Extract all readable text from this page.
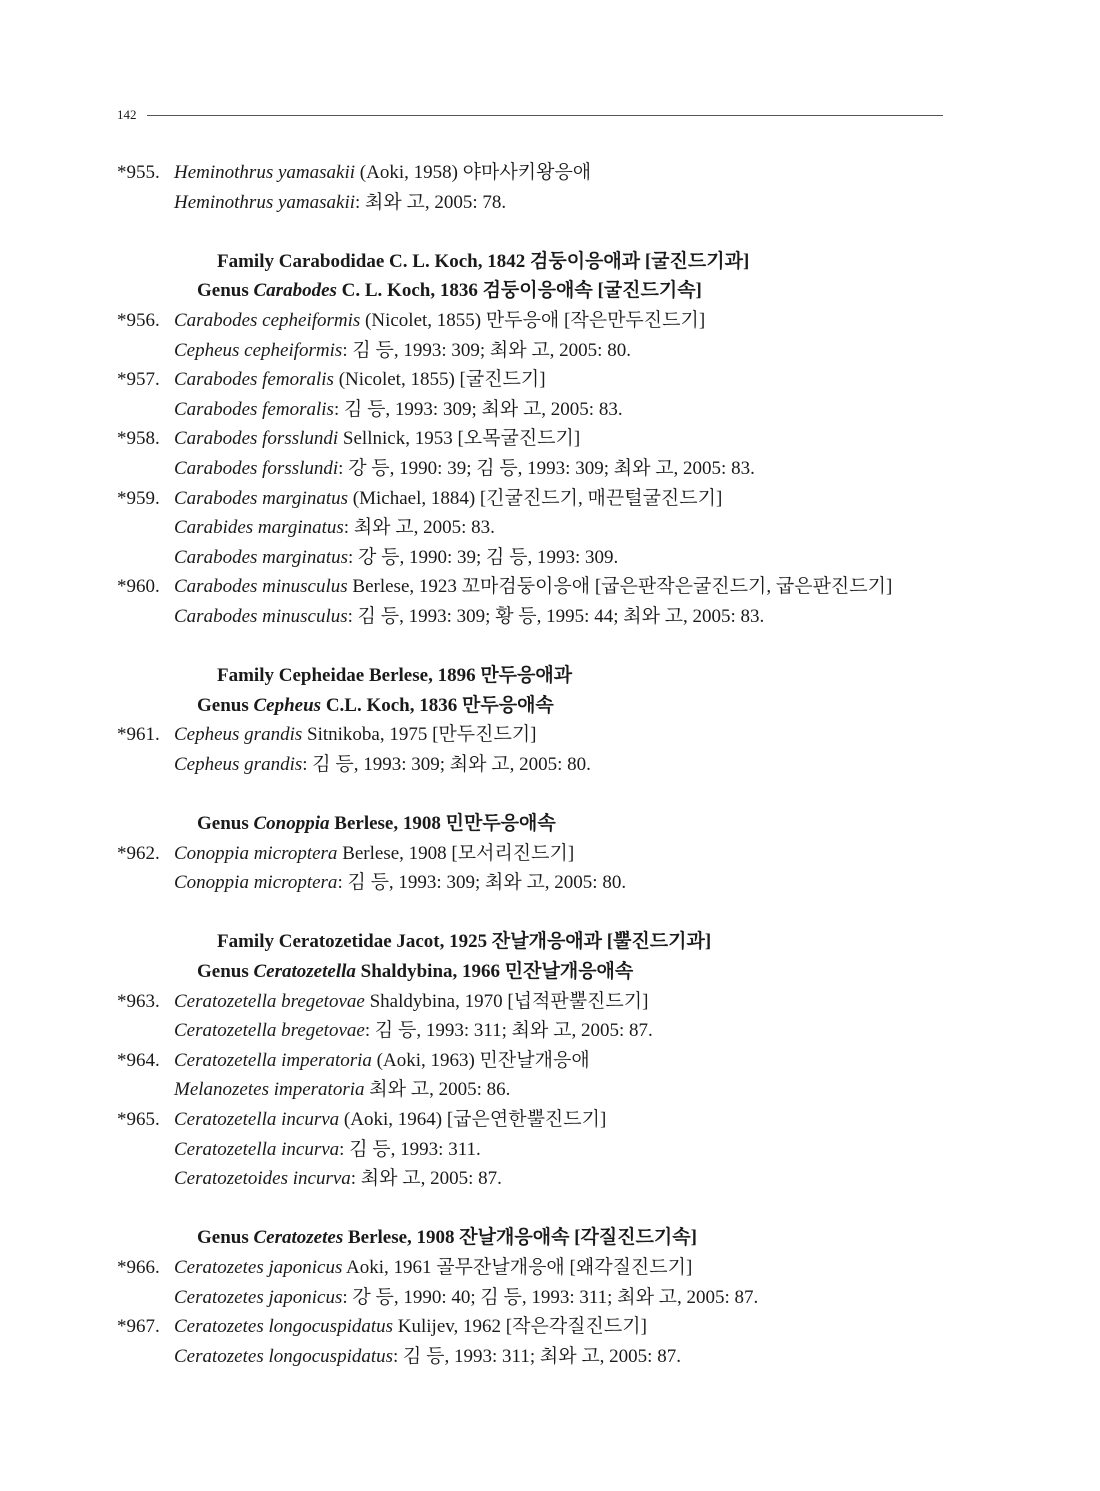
142
*955. Heminothrus yamasakii (Aoki, 1958) 야마사키왕응애
Heminothrus yamasakii: 최와 고, 2005: 78.
Family Carabodidae C. L. Koch, 1842 검둥이응애과 [굴진드기과]
Genus Carabodes C. L. Koch, 1836 검둥이응애속 [굴진드기속]
*956. Carabodes cepheiformis (Nicolet, 1855) 만두응애 [작은만두진드기]
Cepheus cepheiformis: 김 등, 1993: 309; 최와 고, 2005: 80.
*957. Carabodes femoralis (Nicolet, 1855) [굴진드기]
Carabodes femoralis: 김 등, 1993: 309; 최와 고, 2005: 83.
*958. Carabodes forsslundi Sellnick, 1953 [오목굴진드기]
Carabodes forsslundi: 강 등, 1990: 39; 김 등, 1993: 309; 최와 고, 2005: 83.
*959. Carabodes marginatus (Michael, 1884) [긴굴진드기, 매끈털굴진드기]
Carabides marginatus: 최와 고, 2005: 83.
Carabodes marginatus: 강 등, 1990: 39; 김 등, 1993: 309.
*960. Carabodes minusculus Berlese, 1923 꼬마검둥이응애 [굽은판작은굴진드기, 굽은판진드기]
Carabodes minusculus: 김 등, 1993: 309; 황 등, 1995: 44; 최와 고, 2005: 83.
Family Cepheidae Berlese, 1896 만두응애과
Genus Cepheus C.L. Koch, 1836 만두응애속
*961. Cepheus grandis Sitnikoba, 1975 [만두진드기]
Cepheus grandis: 김 등, 1993: 309; 최와 고, 2005: 80.
Genus Conoppia Berlese, 1908 민만두응애속
*962. Conoppia microptera Berlese, 1908 [모서리진드기]
Conoppia microptera: 김 등, 1993: 309; 최와 고, 2005: 80.
Family Ceratozetidae Jacot, 1925 잔날개응애과 [뿔진드기과]
Genus Ceratozetella Shaldybina, 1966 민잔날개응애속
*963. Ceratozetella bregetovae Shaldybina, 1970 [넙적판뿔진드기]
Ceratozetella bregetovae: 김 등, 1993: 311; 최와 고, 2005: 87.
*964. Ceratozetella imperatoria (Aoki, 1963) 민잔날개응애
Melanozetes imperatoria 최와 고, 2005: 86.
*965. Ceratozetella incurva (Aoki, 1964) [굽은연한뿔진드기]
Ceratozetella incurva: 김 등, 1993: 311.
Ceratozetoides incurva: 최와 고, 2005: 87.
Genus Ceratozetes Berlese, 1908 잔날개응애속 [각질진드기속]
*966. Ceratozetes japonicus Aoki, 1961 골무잔날개응애 [왜각질진드기]
Ceratozetes japonicus: 강 등, 1990: 40; 김 등, 1993: 311; 최와 고, 2005: 87.
*967. Ceratozetes longocuspidatus Kulijev, 1962 [작은각질진드기]
Ceratozetes longocuspidatus: 김 등, 1993: 311; 최와 고, 2005: 87.
